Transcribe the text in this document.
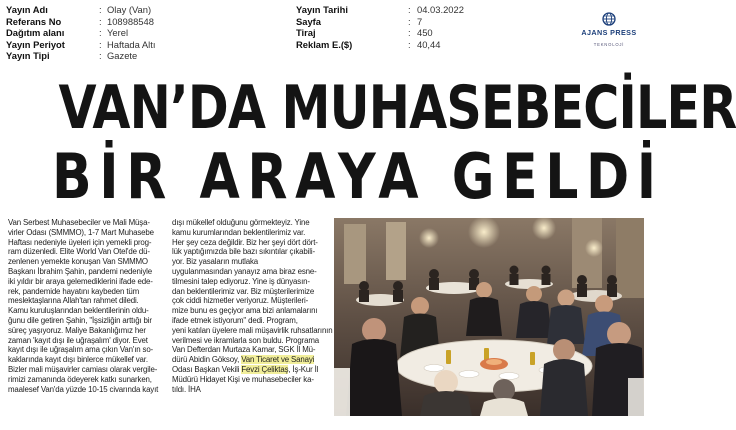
Yayın Adı	: Olay (Van)
Referans No	: 108988548
Dağıtım alanı	: Yerel
Yayın Periyot	: Haftada Altı
Yayın Tipi	: Gazete
Yayın Tarihi	: 04.03.2022
Sayfa	: 7
Tiraj	: 450
Reklam E.($)	: 40,44
AJANS PRESS
TEKNOLOJİ
VAN’DA MUHASEBECİLER
BİR ARAYA GELDİ
Van Serbest Muhasebeciler ve Mali Müşa-
virler Odası (SMMMO), 1-7 Mart Muhasebe
Haftası nedeniyle üyeleri için yemekli prog-
ram düzenledi. Elite World Van Otel'de dü-
zenlenen yemekte konuşan Van SMMMO
Başkanı İbrahim Şahin, pandemi nedeniyle
iki yıldır bir araya gelemediklerini ifade ede-
rek, pandemide hayatını kaybeden tüm
meslektaşlarına Allah'tan rahmet diledi.
Kamu kuruluşlarından beklentilerinin oldu-
ğunu dile getiren Şahin, "İşsizliğin arttığı bir
süreç yaşıyoruz. Maliye Bakanlığımız her
zaman 'kayıt dışı ile uğraşalım' diyor. Evet
kayıt dışı ile uğraşalım ama çıkın Van'ın so-
kaklarında kayıt dışı binlerce mükellef var.
Bizler mali müşavirler camiası olarak vergile-
rimizi zamanında ödeyerek katkı sunarken,
maalesef Van'da yüzde 10-15 civarında kayıt
dışı mükellef olduğunu görmekteyiz. Yine
kamu kurumlarından beklentilerimiz var.
Her şey ceza değildir. Biz her şeyi dört dört-
lük yaptığımızda bile bazı sıkıntılar çıkabili-
yor. Biz yasaların mutlaka
uygulanmasından yanayız ama biraz esne-
tilmesini talep ediyoruz. Yine iş dünyasın-
dan beklentilerimiz var. Biz müşterilerimize
çok ciddi hizmetler veriyoruz. Müşterileri-
mize bunu es geçiyor ama bizi anlamalarını
ifade etmek istiyorum" dedi. Program,
yeni katılan üyelere mali müşavirlik ruhsatlarının
verilmesi ve ikramlarla son buldu. Programa
Van Defterdarı Murtaza Kamar, SGK İl Mü-
dürü Abidin Göksoy, Van Ticaret ve Sanayi
Odası Başkan Vekili Fevzi Çeliktaş, İş-Kur İl
Müdürü Hidayet Kişi ve muhasebeciler ka-
tıldı. İHA
